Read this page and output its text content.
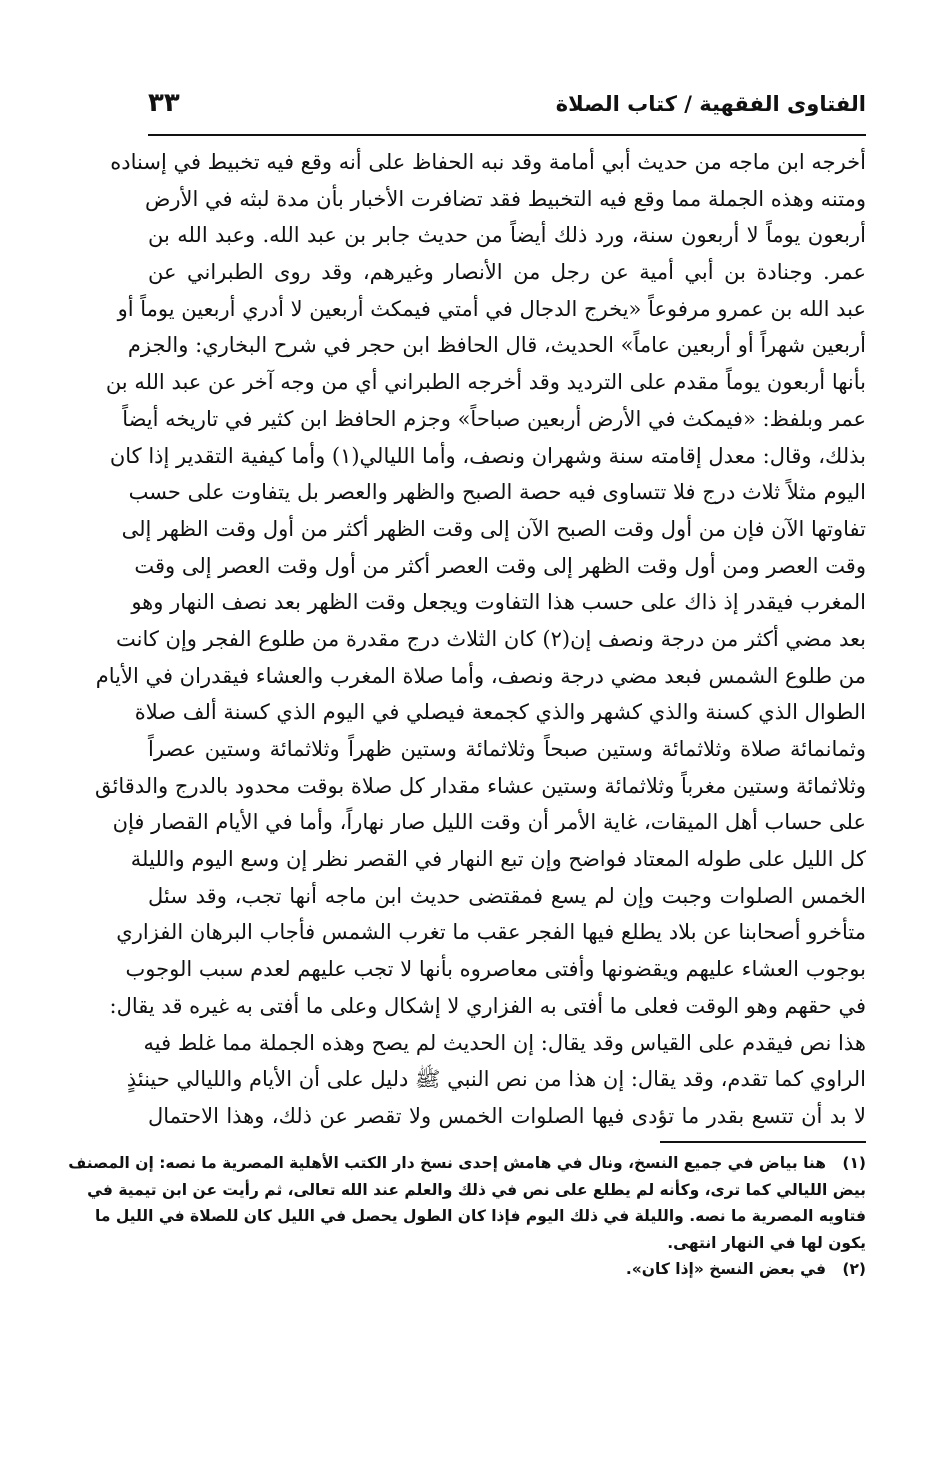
الفتاوى الفقهية / كتاب الصلاة
٣٣
أخرجه ابن ماجه من حديث أبي أمامة وقد نبه الحفاظ على أنه وقع فيه تخبيط في إسناده
ومتنه وهذه الجملة مما وقع فيه التخبيط فقد تضافرت الأخبار بأن مدة لبثه في الأرض
أربعون يوماً لا أربعون سنة، ورد ذلك أيضاً من حديث جابر بن عبد الله. وعبد الله بن
عمر. وجنادة بن أبي أمية عن رجل من الأنصار وغيرهم، وقد روى الطبراني عن
عبد الله بن عمرو مرفوعاً «يخرج الدجال في أمتي فيمكث أربعين لا أدري أربعين يوماً أو
أربعين شهراً أو أربعين عاماً» الحديث، قال الحافظ ابن حجر في شرح البخاري: والجزم
بأنها أربعون يوماً مقدم على الترديد وقد أخرجه الطبراني أي من وجه آخر عن عبد الله بن
عمر وبلفظ: «فيمكث في الأرض أربعين صباحاً» وجزم الحافظ ابن كثير في تاريخه أيضاً
بذلك، وقال: معدل إقامته سنة وشهران ونصف، وأما الليالي(١) وأما كيفية التقدير إذا كان
اليوم مثلاً ثلاث درج فلا تتساوى فيه حصة الصبح والظهر والعصر بل يتفاوت على حسب
تفاوتها الآن فإن من أول وقت الصبح الآن إلى وقت الظهر أكثر من أول وقت الظهر إلى
وقت العصر ومن أول وقت الظهر إلى وقت العصر أكثر من أول وقت العصر إلى وقت
المغرب فيقدر إذ ذاك على حسب هذا التفاوت ويجعل وقت الظهر بعد نصف النهار وهو
بعد مضي أكثر من درجة ونصف إن(٢) كان الثلاث درج مقدرة من طلوع الفجر وإن كانت
من طلوع الشمس فبعد مضي درجة ونصف، وأما صلاة المغرب والعشاء فيقدران في الأيام
الطوال الذي كسنة والذي كشهر والذي كجمعة فيصلي في اليوم الذي كسنة ألف صلاة
وثمانمائة صلاة وثلاثمائة وستين صبحاً وثلاثمائة وستين ظهراً وثلاثمائة وستين عصراً
وثلاثمائة وستين مغرباً وثلاثمائة وستين عشاء مقدار كل صلاة بوقت محدود بالدرج والدقائق
على حساب أهل الميقات، غاية الأمر أن وقت الليل صار نهاراً، وأما في الأيام القصار فإن
كل الليل على طوله المعتاد فواضح وإن تبع النهار في القصر نظر إن وسع اليوم والليلة
الخمس الصلوات وجبت وإن لم يسع فمقتضى حديث ابن ماجه أنها تجب، وقد سئل
متأخرو أصحابنا عن بلاد يطلع فيها الفجر عقب ما تغرب الشمس فأجاب البرهان الفزاري
بوجوب العشاء عليهم ويقضونها وأفتى معاصروه بأنها لا تجب عليهم لعدم سبب الوجوب
في حقهم وهو الوقت فعلى ما أفتى به الفزاري لا إشكال وعلى ما أفتى به غيره قد يقال:
هذا نص فيقدم على القياس وقد يقال: إن الحديث لم يصح وهذه الجملة مما غلط فيه
الراوي كما تقدم، وقد يقال: إن هذا من نص النبي ﷺ دليل على أن الأيام والليالي حينئذٍ
لا بد أن تتسع بقدر ما تؤدى فيها الصلوات الخمس ولا تقصر عن ذلك، وهذا الاحتمال
(١)هنا بياض في جميع النسخ، ونال في هامش إحدى نسخ دار الكتب الأهلية المصرية ما نصه: إن المصنف
بيض الليالي كما ترى، وكأنه لم يطلع على نص في ذلك والعلم عند الله تعالى، ثم رأيت عن ابن تيمية في
فتاويه المصرية ما نصه. والليلة في ذلك اليوم فإذا كان الطول يحصل في الليل كان للصلاة في الليل ما
يكون لها في النهار انتهى.
(٢)في بعض النسخ «إذا كان».
